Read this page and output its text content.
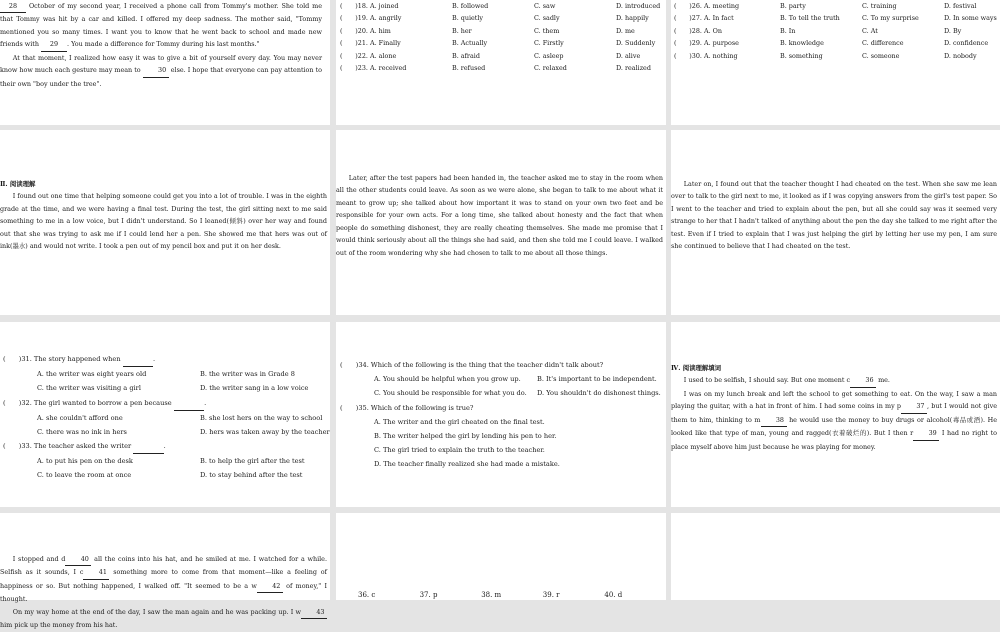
28 October of my second year, I received a phone call from Tommy's mother. She told me that Tommy was hit by a car and killed. I offered my deep sadness. The mother said, "Tommy mentioned you so many times. I want you to know that he went back to school and made new friends with 29 . You made a difference for Tommy during his last months."

At that moment, I realized how easy it was to give a bit of yourself every day. You may never know how much each gesture may mean to 30 else. I hope that everyone can pay attention to their own "boy under the tree".

(　　)18. A. joined	B. followed	C. saw	D. introduced
(　　)19. A. angrily	B. quietly	C. sadly	D. happily
(　　)20. A. him	B. her	C. them	D. me
(　　)21. A. Finally	B. Actually	C. Firstly	D. Suddenly
(　　)22. A. alone	B. afraid	C. asleep	D. alive
(　　)23. A. received	B. refused	C. relaxed	D. realized
(　　)26. A. meeting	B. party	C. training	D. festival
(　　)27. A. In fact	B. To tell the truth	C. To my surprise	D. In some ways
(　　)28. A. On	B. In	C. At	D. By
(　　)29. A. purpose	B. knowledge	C. difference	D. confidence
(　　)30. A. nothing	B. something	C. someone	D. nobody

Ⅱ. 阅读理解

I found out one time that helping someone could get you into a lot of trouble. I was in the eighth grade at the time, and we were having a final test. During the test, the girl sitting next to me said something to me in a low voice, but I didn't understand. So I leaned(倾斜) over her way and found out that she was trying to ask me if I could lend her a pen. She showed me that hers was out of ink(墨水) and would not write. I took a pen out of my pencil box and put it on her desk.

Later, after the test papers had been handed in, the teacher asked me to stay in the room when all the other students could leave. As soon as we were alone, she began to talk to me about what it meant to grow up; she talked about how important it was to stand on your own two feet and be responsible for your own acts. For a long time, she talked about honesty and the fact that when people do something dishonest, they are really cheating themselves. She made me promise that I would think seriously about all the things she had said, and then she told me I could leave. I walked out of the room wondering why she had chosen to talk to me about all those things.

Later on, I found out that the teacher thought I had cheated on the test. When she saw me lean over to talk to the girl next to me, it looked as if I was copying answers from the girl's test paper. So I went to the teacher and tried to explain about the pen, but all she could say was it seemed very strange to her that I hadn't talked of anything about the pen the day she talked to me right after the test. Even if I tried to explain that I was just helping the girl by letting her use my pen, I am sure she continued to believe that I had cheated on the test.

(　　)31. The story happened when 　　　　	.
A. the writer was eight years old	B. the writer was in Grade 8
C. the writer was visiting a girl	D. the writer sang in a low voice
(　　)32. The girl wanted to borrow a pen because 　　　　	.
A. she couldn't afford one	B. she lost hers on the way to school
C. there was no ink in hers	D. hers was taken away by the teacher
(　　)33. The teacher asked the writer 　　　　	.
A. to put his pen on the desk	B. to help the girl after the test
C. to leave the room at once	D. to stay behind after the test
(　　)34. Which of the following is the thing that the teacher didn't talk about?
A. You should be helpful when you grow up.	B. It's important to be independent.
C. You should be responsible for what you do.	D. You shouldn't do dishonest things.
(　　)35. Which of the following is true?
A. The writer and the girl cheated on the final test.
B. The writer helped the girl by lending his pen to her.
C. The girl tried to explain the truth to the teacher.
D. The teacher finally realized she had made a mistake.

Ⅳ. 阅读理解填词

I used to be selfish, I should say. But one moment c 36 me.

I was on my lunch break and left the school to get something to eat. On the way, I saw a man playing the guitar, with a hat in front of him. I had some coins in my p 37 , but I would not give them to him, thinking to m 38 he would use the money to buy drugs or alcohol(毒品或酒). He looked like that type of man, young and ragged(衣着破烂的). But I then r 39 I had no right to place myself above him just because he was playing for money.

I stopped and d 40 all the coins into his hat, and he smiled at me. I watched for a while. Selfish as it sounds, I c 41 something more to come from that moment—like a feeling of happiness or so. But nothing happened, I walked off. "It seemed to be a w 42 of money," I thought.

On my way home at the end of the day, I saw the man again and he was packing up. I w 43 him pick up the money from his hat.

36. c	37. p	38. m	39. r	40. d
